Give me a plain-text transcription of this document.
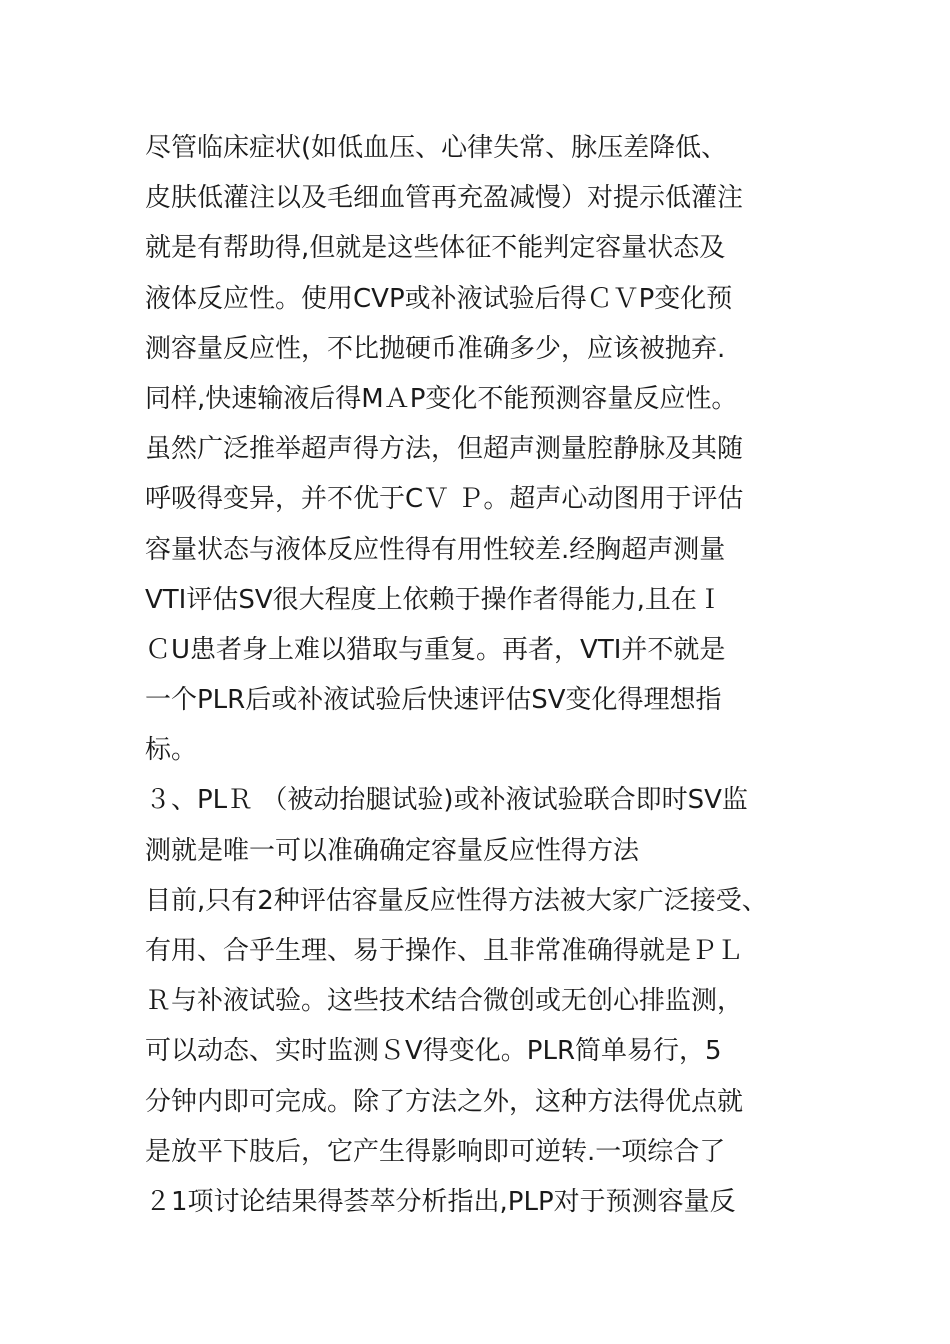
尽管临床症状(如低血压、心律失常、脉压差降低、
皮肤低灌注以及毛细血管再充盈减慢）对提示低灌注
就是有帮助得,但就是这些体征不能判定容量状态及
液体反应性。使用CVP或补液试验后得ＣＶP变化预
测容量反应性，不比抛硬币准确多少，应该被抛弃.
同样,快速输液后得MＡP变化不能预测容量反应性。
虽然广泛推举超声得方法，但超声测量腔静脉及其随
呼吸得变异，并不优于CＶ Ｐ。超声心动图用于评估
容量状态与液体反应性得有用性较差.经胸超声测量
VTI评估SV很大程度上依赖于操作者得能力,且在Ｉ
ＣU患者身上难以猎取与重复。再者，VTI并不就是
一个PLR后或补液试验后快速评估SV变化得理想指
标。
３、PLＲ （被动抬腿试验)或补液试验联合即时SV监
测就是唯一可以准确确定容量反应性得方法
目前,只有2种评估容量反应性得方法被大家广泛接受、
有用、合乎生理、易于操作、且非常准确得就是ＰＬ
Ｒ与补液试验。这些技术结合微创或无创心排监测，
可以动态、实时监测ＳV得变化。PLR简单易行，5
分钟内即可完成。除了方法之外，这种方法得优点就
是放平下肢后，它产生得影响即可逆转.一项综合了
２1项讨论结果得荟萃分析指出,PLP对于预测容量反
